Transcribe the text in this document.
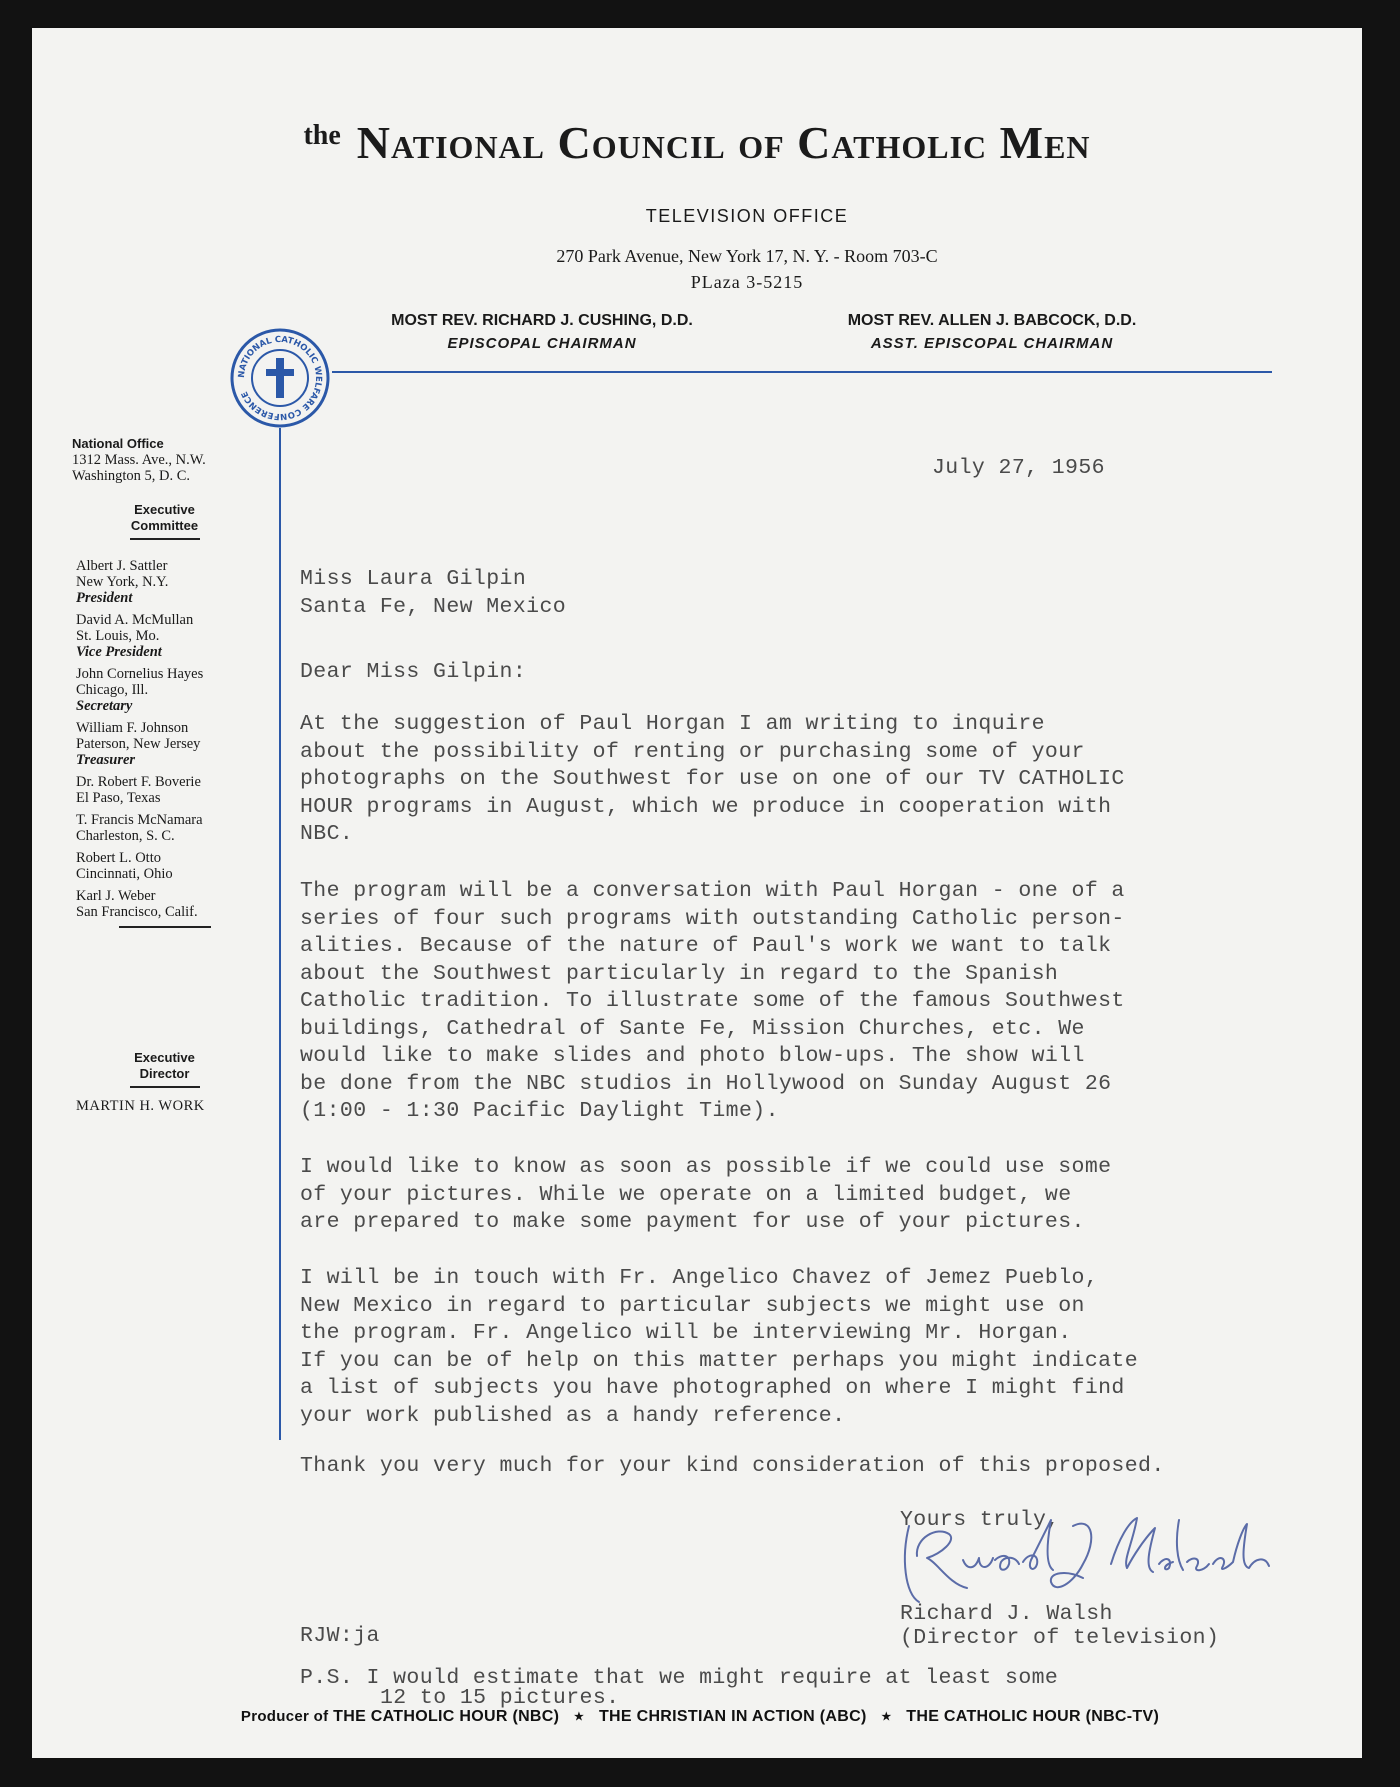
the National Council of Catholic Men
TELEVISION OFFICE
270 Park Avenue, New York 17, N. Y. - Room 703-C
PLaza 3-5215
MOST REV. RICHARD J. CUSHING, D.D.
EPISCOPAL CHAIRMAN
MOST REV. ALLEN J. BABCOCK, D.D.
ASST. EPISCOPAL CHAIRMAN
NATIONAL CATHOLIC WELFARE CONFERENCE
National Office
1312 Mass. Ave., N.W.
Washington 5, D. C.
Executive
Committee
Albert J. Sattler
New York, N.Y.
President
David A. McMullan
St. Louis, Mo.
Vice President
John Cornelius Hayes
Chicago, Ill.
Secretary
William F. Johnson
Paterson, New Jersey
Treasurer
Dr. Robert F. Boverie
El Paso, Texas
T. Francis McNamara
Charleston, S. C.
Robert L. Otto
Cincinnati, Ohio
Karl J. Weber
San Francisco, Calif.
Executive
Director
MARTIN H. WORK
July 27, 1956
Miss Laura Gilpin
Santa Fe, New Mexico
Dear Miss Gilpin:
At the suggestion of Paul Horgan I am writing to inquire
about the possibility of renting or purchasing some of your
photographs on the Southwest for use on one of our TV CATHOLIC
HOUR programs in August, which we produce in cooperation with
NBC.
The program will be a conversation with Paul Horgan - one of a
series of four such programs with outstanding Catholic person-
alities. Because of the nature of Paul's work we want to talk
about the Southwest particularly in regard to the Spanish
Catholic tradition. To illustrate some of the famous Southwest
buildings, Cathedral of Sante Fe, Mission Churches, etc. We
would like to make slides and photo blow-ups. The show will
be done from the NBC studios in Hollywood on Sunday August 26
(1:00 - 1:30 Pacific Daylight Time).
I would like to know as soon as possible if we could use some
of your pictures. While we operate on a limited budget, we
are prepared to make some payment for use of your pictures.
I will be in touch with Fr. Angelico Chavez of Jemez Pueblo,
New Mexico in regard to particular subjects we might use on
the program. Fr. Angelico will be interviewing Mr. Horgan.
If you can be of help on this matter perhaps you might indicate
a list of subjects you have photographed on where I might find
your work published as a handy reference.
Thank you very much for your kind consideration of this proposed.
Yours truly,
Richard J. Walsh
(Director of television)
RJW:ja
P.S. I would estimate that we might require at least some
12 to 15 pictures.
Producer of THE CATHOLIC HOUR (NBC) ★ THE CHRISTIAN IN ACTION (ABC) ★ THE CATHOLIC HOUR (NBC-TV)
